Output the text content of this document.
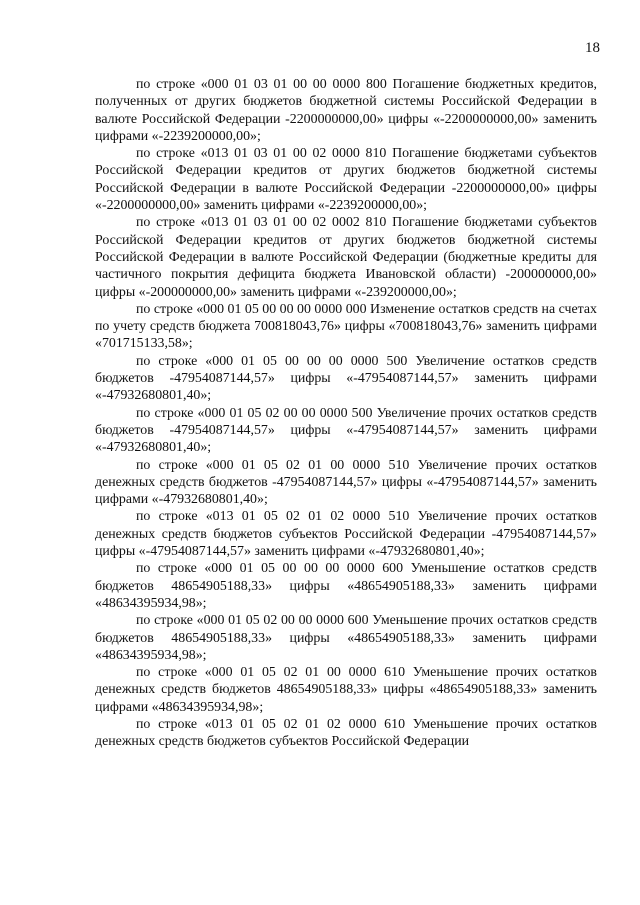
18

по строке «000 01 03 01 00 00 0000 800 Погашение бюджетных кредитов, полученных от других бюджетов бюджетной системы Российской Федерации в валюте Российской Федерации -2200000000,00» цифры «-2200000000,00» заменить цифрами «-2239200000,00»;

по строке «013 01 03 01 00 02 0000 810 Погашение бюджетами субъектов Российской Федерации кредитов от других бюджетов бюджетной системы Российской Федерации в валюте Российской Федерации -2200000000,00» цифры «-2200000000,00» заменить цифрами «-2239200000,00»;

по строке «013 01 03 01 00 02 0002 810 Погашение бюджетами субъектов Российской Федерации кредитов от других бюджетов бюджетной системы Российской Федерации в валюте Российской Федерации (бюджетные кредиты для частичного покрытия дефицита бюджета Ивановской области) -200000000,00» цифры «-200000000,00» заменить цифрами «-239200000,00»;

по строке «000 01 05 00 00 00 0000 000 Изменение остатков средств на счетах по учету средств бюджета 700818043,76» цифры «700818043,76» заменить цифрами «701715133,58»;

по строке «000 01 05 00 00 00 0000 500 Увеличение остатков средств бюджетов -47954087144,57» цифры «-47954087144,57» заменить цифрами «-47932680801,40»;

по строке «000 01 05 02 00 00 0000 500 Увеличение прочих остатков средств бюджетов -47954087144,57» цифры «-47954087144,57» заменить цифрами «-47932680801,40»;

по строке «000 01 05 02 01 00 0000 510 Увеличение прочих остатков денежных средств бюджетов -47954087144,57» цифры «-47954087144,57» заменить цифрами «-47932680801,40»;

по строке «013 01 05 02 01 02 0000 510 Увеличение прочих остатков денежных средств бюджетов субъектов Российской Федерации -47954087144,57» цифры «-47954087144,57» заменить цифрами «-47932680801,40»;

по строке «000 01 05 00 00 00 0000 600 Уменьшение остатков средств бюджетов 48654905188,33» цифры «48654905188,33» заменить цифрами «48634395934,98»;

по строке «000 01 05 02 00 00 0000 600 Уменьшение прочих остатков средств бюджетов 48654905188,33» цифры «48654905188,33» заменить цифрами «48634395934,98»;

по строке «000 01 05 02 01 00 0000 610 Уменьшение прочих остатков денежных средств бюджетов 48654905188,33» цифры «48654905188,33» заменить цифрами «48634395934,98»;

по строке «013 01 05 02 01 02 0000 610 Уменьшение прочих остатков денежных средств бюджетов субъектов Российской Федерации
